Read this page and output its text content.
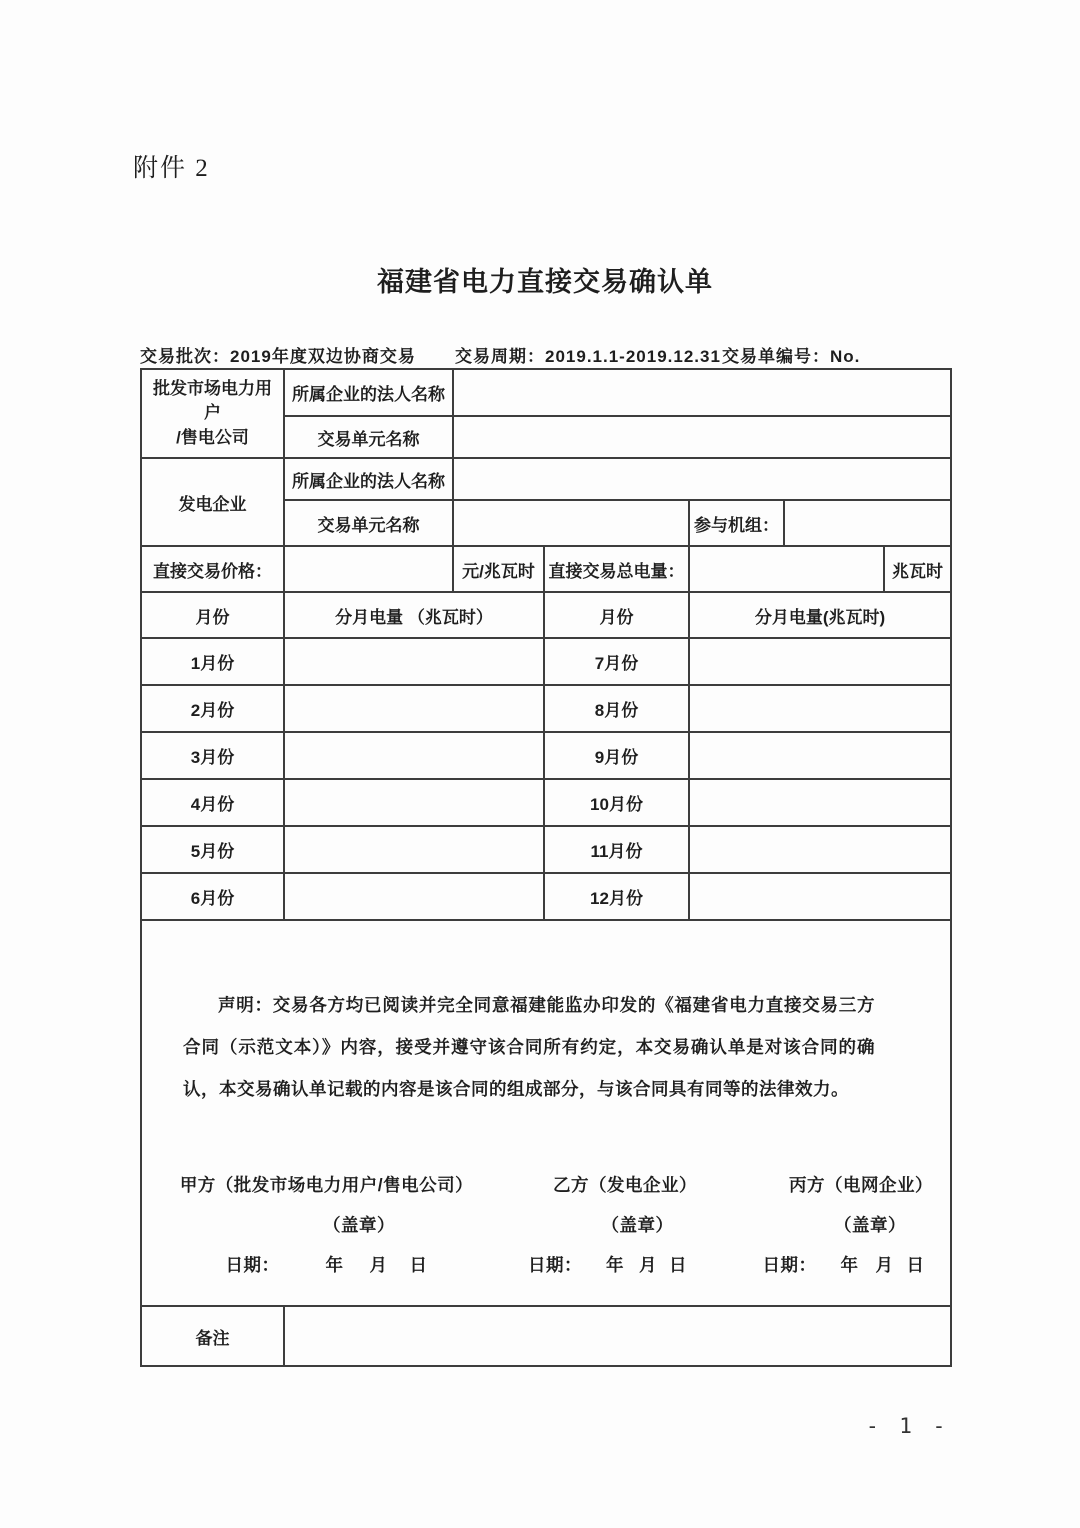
附件 2
福建省电力直接交易确认单
交易批次：2019年度双边协商交易 交易周期：2019.1.1-2019.12.31 交易单编号：No.
批发市场电力用户
/售电公司	所属企业的法人名称					
	交易单元名称					
发电企业	所属企业的法人名称					
	交易单元名称			参与机组：		
直接交易价格：		元/兆瓦时	直接交易总电量：			兆瓦时
月份	分月电量 （兆瓦时）		月份	分月电量(兆瓦时)		
1月份			7月份			
2月份			8月份			
3月份			9月份			
4月份			10月份			
5月份			11月份			
6月份			12月份			

声明：交易各方均已阅读并完全同意福建能监办印发的《福建省电力直接交易三方合同（示范文本）》内容，接受并遵守该合同所有约定，本交易确认单是对该合同的确认，本交易确认单记载的内容是该合同的组成部分，与该合同具有同等的法律效力。

甲方（批发市场电力用户/售电公司）
（盖章）
日期：	年 月 日
乙方（发电企业）
（盖章）
日期： 年 月 日
丙方（电网企业）
（盖章）
日期： 年 月 日

备注						
- 1 -
